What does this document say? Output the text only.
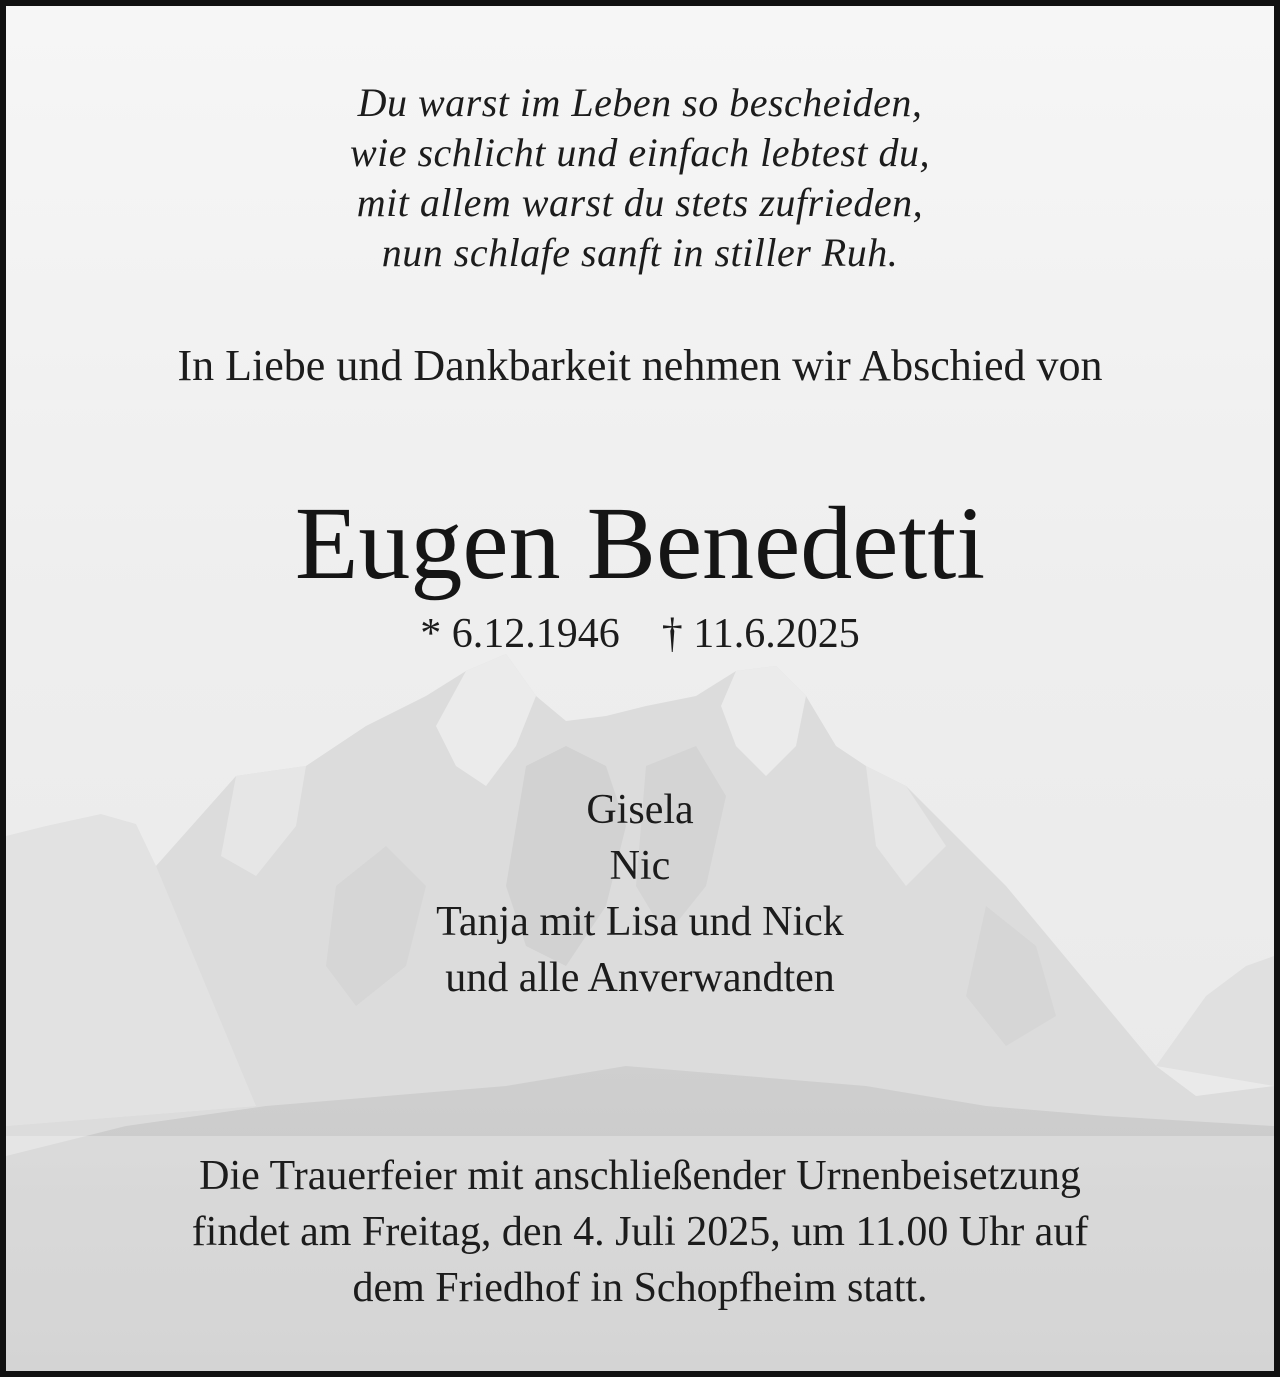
Du warst im Leben so bescheiden,
wie schlicht und einfach lebtest du,
mit allem warst du stets zufrieden,
nun schlafe sanft in stiller Ruh.
In Liebe und Dankbarkeit nehmen wir Abschied von
Eugen Benedetti
* 6.12.1946 † 11.6.2025
Gisela
Nic
Tanja mit Lisa und Nick
und alle Anverwandten
Die Trauerfeier mit anschließender Urnenbeisetzung
findet am Freitag, den 4. Juli 2025, um 11.00 Uhr auf
dem Friedhof in Schopfheim statt.
